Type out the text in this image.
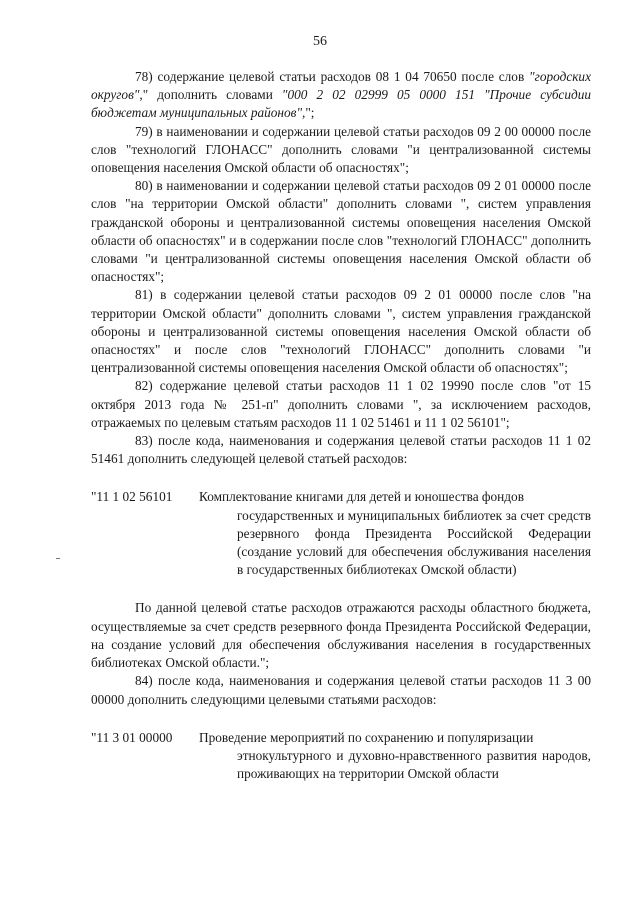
56

78) содержание целевой статьи расходов 08 1 04 70650 после слов "городских округов"," дополнить словами "000 2 02 02999 05 0000 151 "Прочие субсидии бюджетам муниципальных районов",";

79) в наименовании и содержании целевой статьи расходов 09 2 00 00000 после слов "технологий ГЛОНАСС" дополнить словами "и централизованной системы оповещения населения Омской области об опасностях";

80) в наименовании и содержании целевой статьи расходов 09 2 01 00000 после слов "на территории Омской области" дополнить словами ", систем управления гражданской обороны и централизованной системы оповещения населения Омской области об опасностях" и в содержании после слов "технологий ГЛОНАСС" дополнить словами "и централизованной системы оповещения населения Омской области об опасностях";

81) в содержании целевой статьи расходов 09 2 01 00000 после слов "на территории Омской области" дополнить словами ", систем управления гражданской обороны и централизованной системы оповещения населения Омской области об опасностях" и после слов "технологий ГЛОНАСС" дополнить словами "и централизованной системы оповещения населения Омской области об опасностях";

82) содержание целевой статьи расходов 11 1 02 19990 после слов "от 15 октября 2013 года № 251-п" дополнить словами ", за исключением расходов, отражаемых по целевым статьям расходов 11 1 02 51461 и 11 1 02 56101";

83) после кода, наименования и содержания целевой статьи расходов 11 1 02 51461 дополнить следующей целевой статьей расходов:

"11 1 02 56101	Комплектование книгами для детей и юношества фондов
государственных и муниципальных библиотек за счет средств резервного фонда Президента Российской Федерации (создание условий для обеспечения обслуживания населения в государственных библиотеках Омской области)

По данной целевой статье расходов отражаются расходы областного бюджета, осуществляемые за счет средств резервного фонда Президента Российской Федерации, на создание условий для обеспечения обслуживания населения в государственных библиотеках Омской области.";

84) после кода, наименования и содержания целевой статьи расходов 11 3 00 00000 дополнить следующими целевыми статьями расходов:

"11 3 01 00000	Проведение мероприятий по сохранению и популяризации
этнокультурного и духовно-нравственного развития народов, проживающих на территории Омской области
